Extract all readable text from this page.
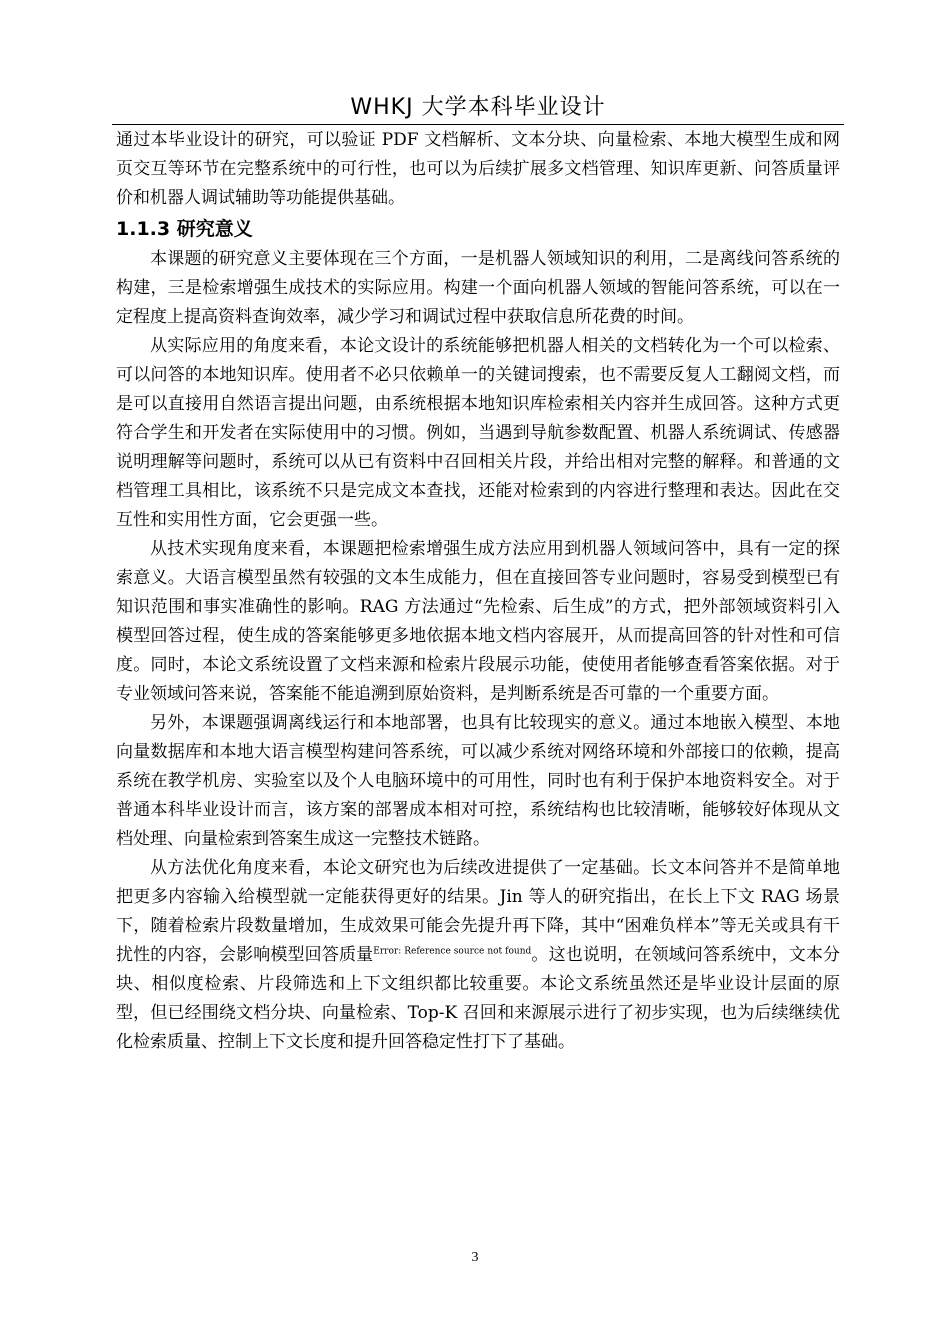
WHKJ 大学本科毕业设计

通过本毕业设计的研究，可以验证 PDF 文档解析、文本分块、向量检索、本地大模型生成和网页交互等环节在完整系统中的可行性，也可以为后续扩展多文档管理、知识库更新、问答质量评价和机器人调试辅助等功能提供基础。

1.1.3 研究意义

本课题的研究意义主要体现在三个方面，一是机器人领域知识的利用，二是离线问答系统的构建，三是检索增强生成技术的实际应用。构建一个面向机器人领域的智能问答系统，可以在一定程度上提高资料查询效率，减少学习和调试过程中获取信息所花费的时间。

从实际应用的角度来看，本论文设计的系统能够把机器人相关的文档转化为一个可以检索、可以问答的本地知识库。使用者不必只依赖单一的关键词搜索，也不需要反复人工翻阅文档，而是可以直接用自然语言提出问题，由系统根据本地知识库检索相关内容并生成回答。这种方式更符合学生和开发者在实际使用中的习惯。例如，当遇到导航参数配置、机器人系统调试、传感器说明理解等问题时，系统可以从已有资料中召回相关片段，并给出相对完整的解释。和普通的文档管理工具相比，该系统不只是完成文本查找，还能对检索到的内容进行整理和表达。因此在交互性和实用性方面，它会更强一些。

从技术实现角度来看，本课题把检索增强生成方法应用到机器人领域问答中，具有一定的探索意义。大语言模型虽然有较强的文本生成能力，但在直接回答专业问题时，容易受到模型已有知识范围和事实准确性的影响。RAG 方法通过“先检索、后生成”的方式，把外部领域资料引入模型回答过程，使生成的答案能够更多地依据本地文档内容展开，从而提高回答的针对性和可信度。同时，本论文系统设置了文档来源和检索片段展示功能，使使用者能够查看答案依据。对于专业领域问答来说，答案能不能追溯到原始资料，是判断系统是否可靠的一个重要方面。

另外，本课题强调离线运行和本地部署，也具有比较现实的意义。通过本地嵌入模型、本地向量数据库和本地大语言模型构建问答系统，可以减少系统对网络环境和外部接口的依赖，提高系统在教学机房、实验室以及个人电脑环境中的可用性，同时也有利于保护本地资料安全。对于普通本科毕业设计而言，该方案的部署成本相对可控，系统结构也比较清晰，能够较好体现从文档处理、向量检索到答案生成这一完整技术链路。

从方法优化角度来看，本论文研究也为后续改进提供了一定基础。长文本问答并不是简单地把更多内容输入给模型就一定能获得更好的结果。Jin 等人的研究指出，在长上下文 RAG 场景下，随着检索片段数量增加，生成效果可能会先提升再下降，其中“困难负样本”等无关或具有干扰性的内容，会影响模型回答质量$^{Error: Reference source not found}$。这也说明，在领域问答系统中，文本分块、相似度检索、片段筛选和上下文组织都比较重要。本论文系统虽然还是毕业设计层面的原型，但已经围绕文档分块、向量检索、Top-K 召回和来源展示进行了初步实现，也为后续继续优化检索质量、控制上下文长度和提升回答稳定性打下了基础。

3
